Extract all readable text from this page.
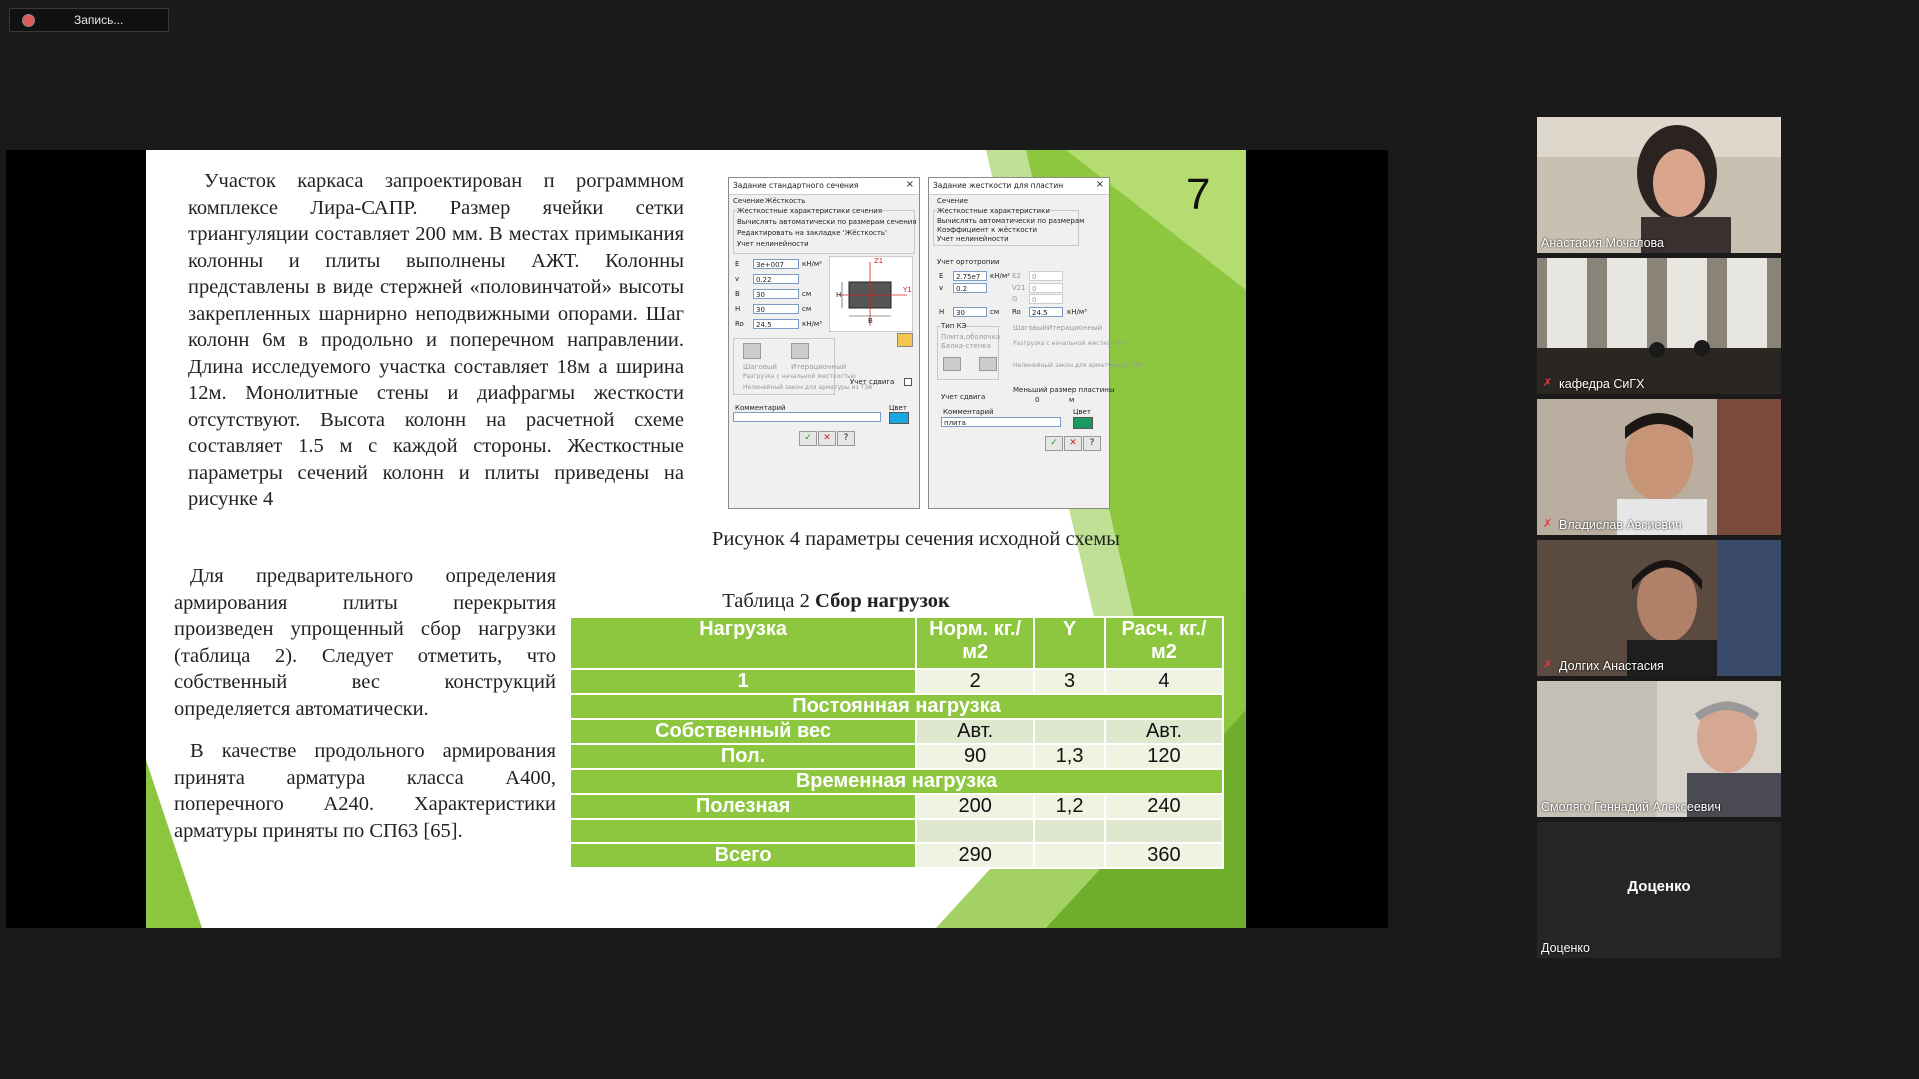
Запись...
7

Участок каркаса запроектирован п рограммном комплексе Лира-САПР. Размер ячейки сетки триангуляции составляет 200 мм. В местах примыкания колонны и плиты выполнены АЖТ. Колонны представлены в виде стержней «половинчатой» высоты закрепленных шарнирно неподвижными опорами. Шаг колонн 6м в продольно и поперечном направлении. Длина исследуемого участка составляет 18м а ширина 12м. Монолитные стены и диафрагмы жесткости отсутствуют. Высота колонн на расчетной схеме составляет 1.5 м с каждой стороны. Жесткостные параметры сечений колонн и плиты приведены на рисунке 4

Для предварительного определения армирования плиты перекрытия произведен упрощенный сбор нагрузки (таблица 2). Следует отметить, что собственный вес конструкций определяется автоматически.

В качестве продольного армирования принята арматура класса А400, поперечного А240. Характеристики арматуры приняты по СП63 [65].

Задание стандартного сечения	×
Сечение Жёсткость
Жесткостные характеристики сечения
Вычислять автоматически по размерам сечения
Редактировать на закладке 'Жёсткость'
Учет нелинейности
E	3e+007	кН/м²
v	0.22
B	30	см
H	30	см
Ro	24.5	кН/м³
Z1
Y1
B
H
Шаговый Итерационный
Разгрузка с начальной жесткостью
Нелинейный закон для арматуры из ТЗА
Учет сдвига
Комментарий	Цвет
✓	✕	?
Задание жесткости для пластин	×
Сечение
Жесткостные характеристики
Вычислять автоматически по размерам
Коэффициент к жёсткости
Учет нелинейности
Учет ортотропии
E	2.75e7	кН/м²
v	0.2
H	30	см Ro	24.5	кН/м³
E2	0
V21 0
G	0
Тип КЭ
Плита,оболочка
Балка-стенка
Шаговый Итерационный
Разгрузка с начальной жесткостью
Нелинейный закон для арматуры из ТЗА
Учет сдвига
Меньший размер пластины
0	м
Комментарий
плита
Цвет
✓	✕	?
Рисунок 4 параметры сечения исходной схемы
Таблица 2 Сбор нагрузок
Нагрузка	Норм. кг./м2	Y	Расч. кг./м2
1	2	3	4
Постоянная нагрузка			
Собственный вес	Авт.		Авт.
Пол.	90	1,3	120
Временная нагрузка			
Полезная	200	1,2	240

Всего	290		360
Анастасия Мочалова
✗ кафедра СиГХ
✗ Владислав Авсиевич
✗ Долгих Анастасия
Смоляго Геннадий Алексеевич
Доценко
Доценко
